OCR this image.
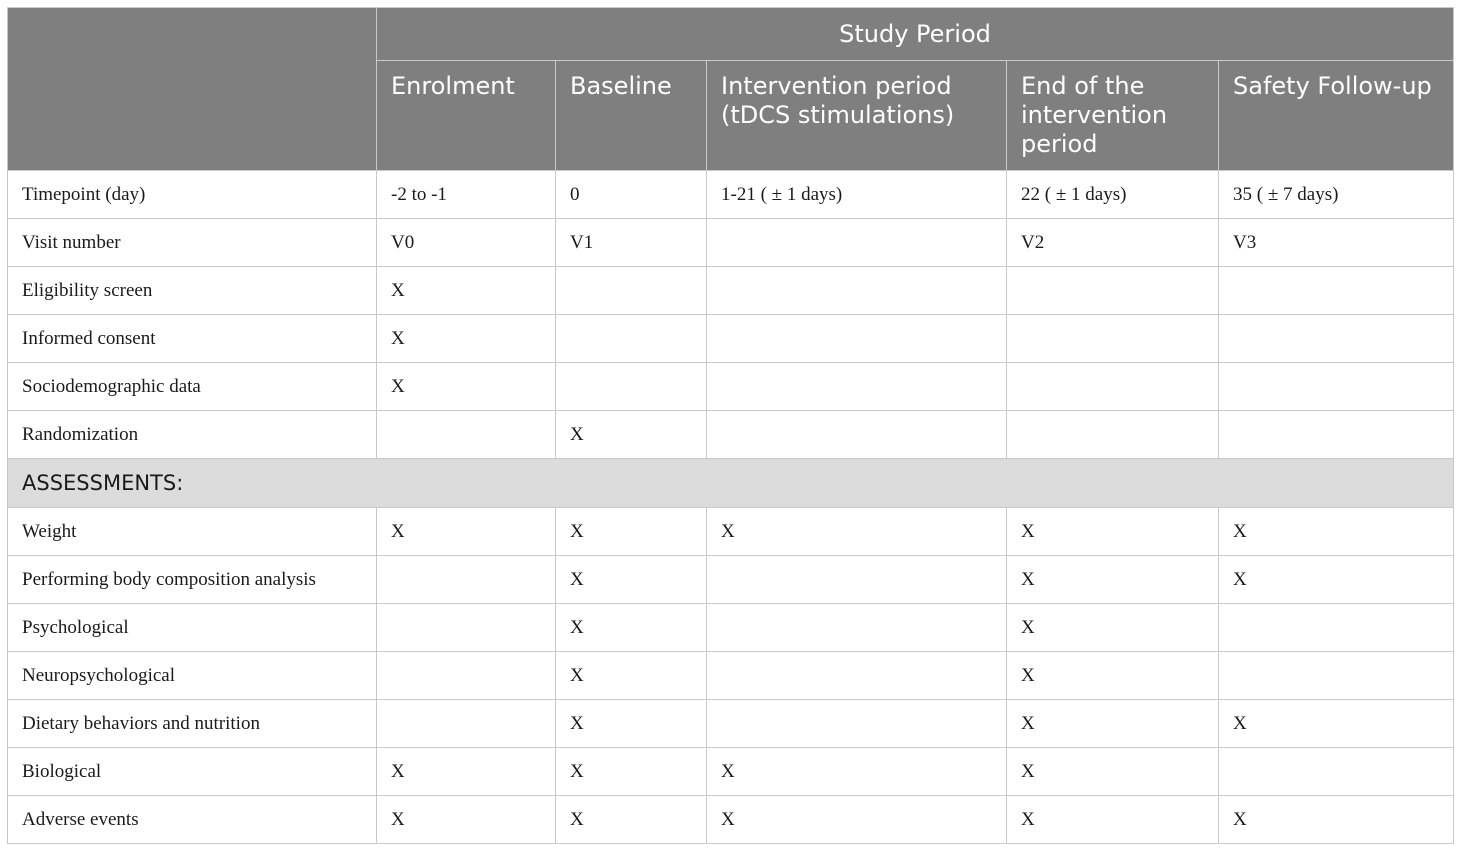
	Study Period				
	Enrolment	Baseline	Intervention period (tDCS stimulations)	End of the intervention period	Safety Follow-up
Timepoint (day)	-2 to -1	0	1-21 ( ± 1 days)	22 ( ± 1 days)	35 ( ± 7 days)
Visit number	V0	V1		V2	V3
Eligibility screen	X				
Informed consent	X				
Sociodemographic data	X				
Randomization		X			
ASSESSMENTS:					
Weight	X	X	X	X	X
Performing body composition analysis		X		X	X
Psychological		X		X	
Neuropsychological		X		X	
Dietary behaviors and nutrition		X		X	X
Biological	X	X	X	X	
Adverse events	X	X	X	X	X
